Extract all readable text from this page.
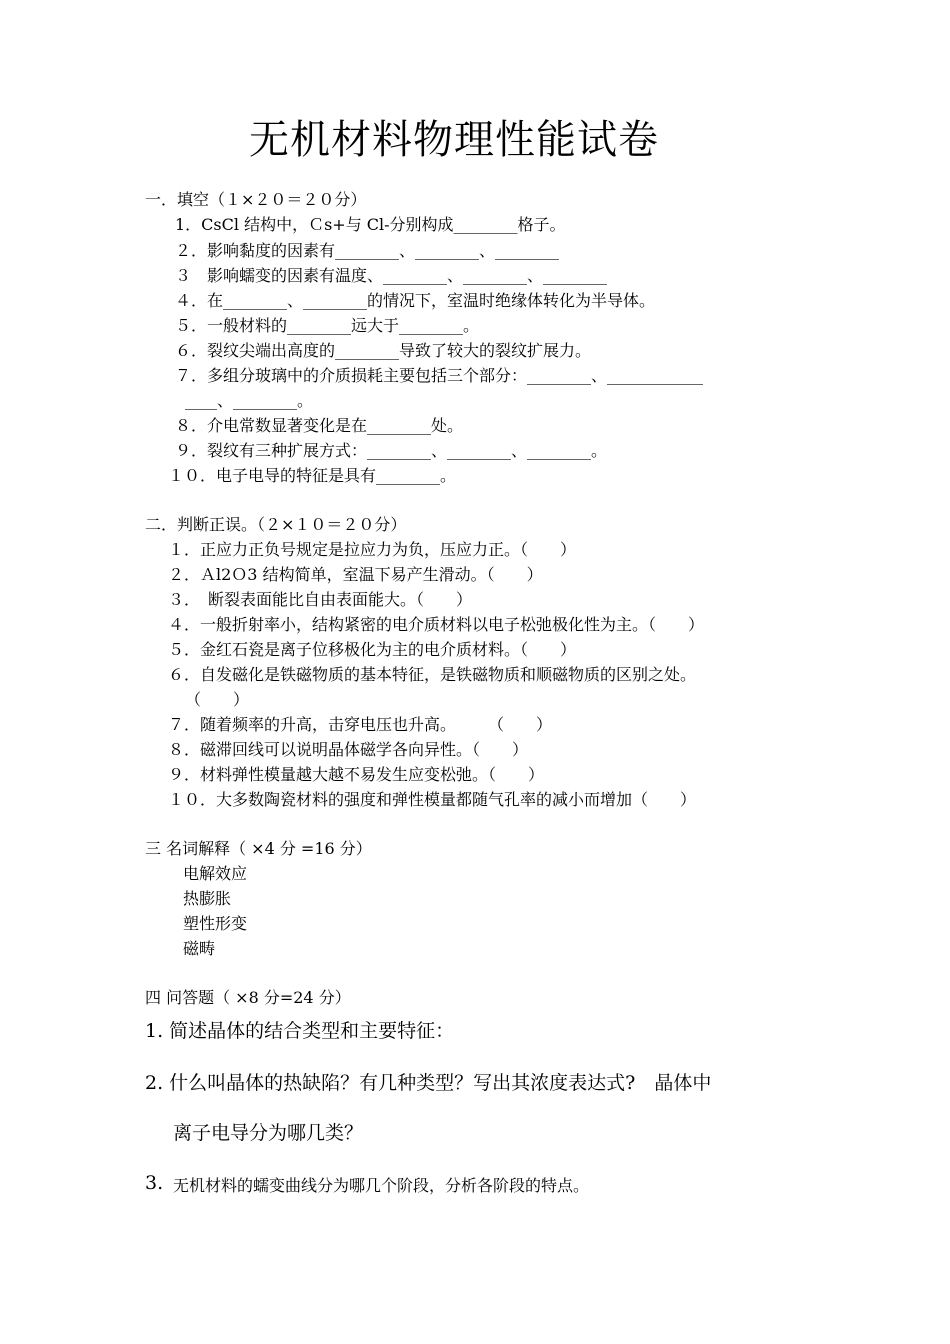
无机材料物理性能试卷
一．填空（１×２０＝２０分）
1．CsCl 结构中，Ｃs+与 Cl-分别构成________格子。
２．影响黏度的因素有________、________、________
３　影响蠕变的因素有温度、________、________、________
４．在________、________的情况下，室温时绝缘体转化为半导体。
５．一般材料的________远大于________。
６．裂纹尖端出高度的________导致了较大的裂纹扩展力。
７．多组分玻璃中的介质损耗主要包括三个部分：________、____________
____、________。
８．介电常数显著变化是在________处。
９．裂纹有三种扩展方式：________、________、________。
１０．电子电导的特征是具有________。
二．判断正误。（２×１０＝２０分）
１．正应力正负号规定是拉应力为负，压应力正。（　　）
２．Ａl2Ｏ3 结构简单，室温下易产生滑动。（　　）
３．　断裂表面能比自由表面能大。（　　）
４．一般折射率小，结构紧密的电介质材料以电子松弛极化性为主。（　　）
５．金红石瓷是离子位移极化为主的电介质材料。（　　）
６．自发磁化是铁磁物质的基本特征，是铁磁物质和顺磁物质的区别之处。
（　　）
７．随着频率的升高，击穿电压也升高。　　　（　　）
８．磁滞回线可以说明晶体磁学各向异性。（　　）
９．材料弹性模量越大越不易发生应变松弛。（　　）
１０．大多数陶瓷材料的强度和弹性模量都随气孔率的减小而增加（　　）
三 名词解释（ ×4 分 =16 分）
电解效应
热膨胀
塑性形变
磁畴
四 问答题（ ×8 分=24 分）
1. 简述晶体的结合类型和主要特征：
2. 什么叫晶体的热缺陷？有几种类型？写出其浓度表达式?　晶体中
离子电导分为哪几类？
3. 无机材料的蠕变曲线分为哪几个阶段，分析各阶段的特点。
